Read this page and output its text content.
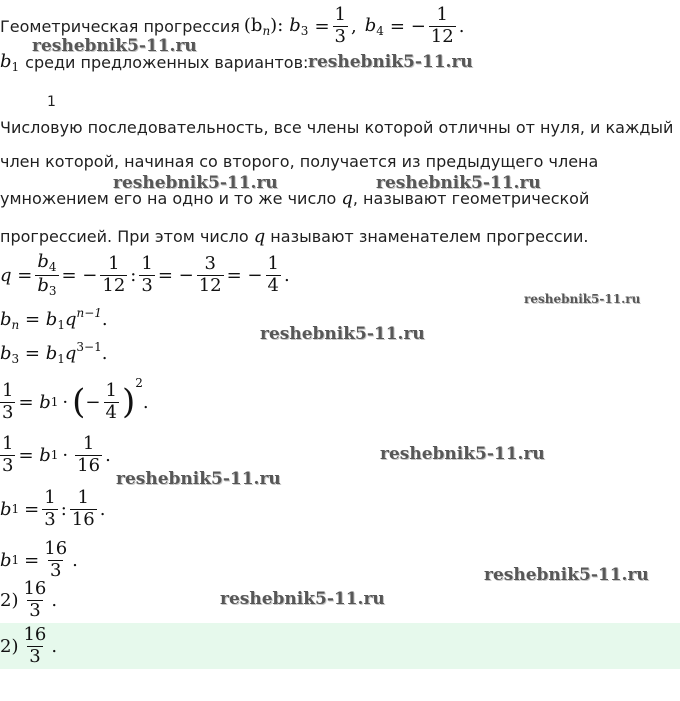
Геометрическая прогрессия $(b_n)$: $b_3 = \frac{1}{3}$ , $b_4$ = − $\frac{1}{12}$ .
$b_1$ среди предложенных вариантов:
1
Числовую последовательность, все члены которой отличны от нуля, и каждый
член которой, начиная со второго, получается из предыдущего члена
умножением его на одно и то же число q, называют геометрической
прогрессией. При этом число q называют знаменателем прогрессии.
$q = \frac{b_4}{b_3}$ = − $\frac{1}{12}$ : $\frac{1}{3}$ = − $\frac{3}{12}$ = − $\frac{1}{4}$ .
$b_n = b_1q^{n-1}$.
$b_3 = b_1q^{3-1}$.
$\frac{1}{3} = b$ 1 · ( − $\frac{1}{4}$ ) 2
.
$\frac{1}{3} = b$ $1 \cdot \frac{1}{16}$ .
b $1 = \frac{1}{3}$ : $\frac{1}{16}$ .
b $1 = \frac{16}{3}$ .
$2) \frac{16}{3}$ .
$2) \frac{16}{3}$ .
reshebnik5-11.ru
reshebnik5-11.ru
reshebnik5-11.ru	reshebnik5-11.ru
reshebnik5-11.ru
reshebnik5-11.ru
reshebnik5-11.ru
reshebnik5-11.ru
reshebnik5-11.ru
reshebnik5-11.ru
